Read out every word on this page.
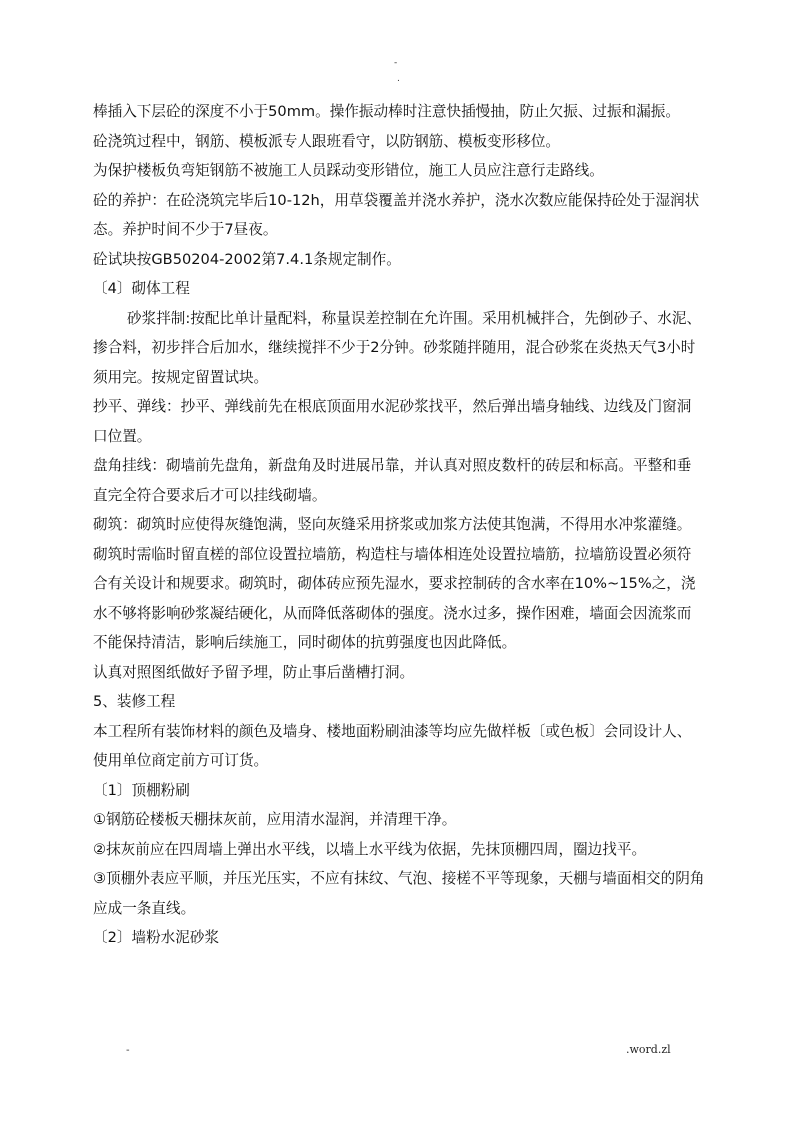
-
.

棒插入下层砼的深度不小于50mm。操作振动棒时注意快插慢抽，防止欠振、过振和漏振。

砼浇筑过程中，钢筋、模板派专人跟班看守，以防钢筋、模板变形移位。

为保护楼板负弯矩钢筋不被施工人员踩动变形错位，施工人员应注意行走路线。

砼的养护：在砼浇筑完毕后10-12h，用草袋覆盖并浇水养护，浇水次数应能保持砼处于湿润状态。养护时间不少于7昼夜。

砼试块按GB50204-2002第7.4.1条规定制作。

〔4〕砌体工程

砂浆拌制:按配比单计量配料，称量误差控制在允许围。采用机械拌合，先倒砂子、水泥、掺合料，初步拌合后加水，继续搅拌不少于2分钟。砂浆随拌随用，混合砂浆在炎热天气3小时须用完。按规定留置试块。

抄平、弹线：抄平、弹线前先在根底顶面用水泥砂浆找平，然后弹出墙身轴线、边线及门窗洞口位置。

盘角挂线：砌墙前先盘角，新盘角及时进展吊靠，并认真对照皮数杆的砖层和标高。平整和垂直完全符合要求后才可以挂线砌墙。

砌筑：砌筑时应使得灰缝饱满，竖向灰缝采用挤浆或加浆方法使其饱满，不得用水冲浆灌缝。砌筑时需临时留直槎的部位设置拉墙筋，构造柱与墙体相连处设置拉墙筋，拉墙筋设置必须符合有关设计和规要求。砌筑时，砌体砖应预先湿水，要求控制砖的含水率在10%~15%之，浇水不够将影响砂浆凝结硬化，从而降低落砌体的强度。浇水过多，操作困难，墙面会因流浆而不能保持清洁，影响后续施工，同时砌体的抗剪强度也因此降低。

认真对照图纸做好予留予埋，防止事后凿槽打洞。

5、装修工程

本工程所有装饰材料的颜色及墙身、楼地面粉刷油漆等均应先做样板〔或色板〕会同设计人、使用单位商定前方可订货。

〔1〕顶棚粉刷

①钢筋砼楼板天棚抹灰前，应用清水湿润，并清理干净。

②抹灰前应在四周墙上弹出水平线，以墙上水平线为依据，先抹顶棚四周，圈边找平。

③顶棚外表应平顺，并压光压实，不应有抹纹、气泡、接槎不平等现象，天棚与墙面相交的阴角应成一条直线。

〔2〕墙粉水泥砂浆

-	.word.zl
